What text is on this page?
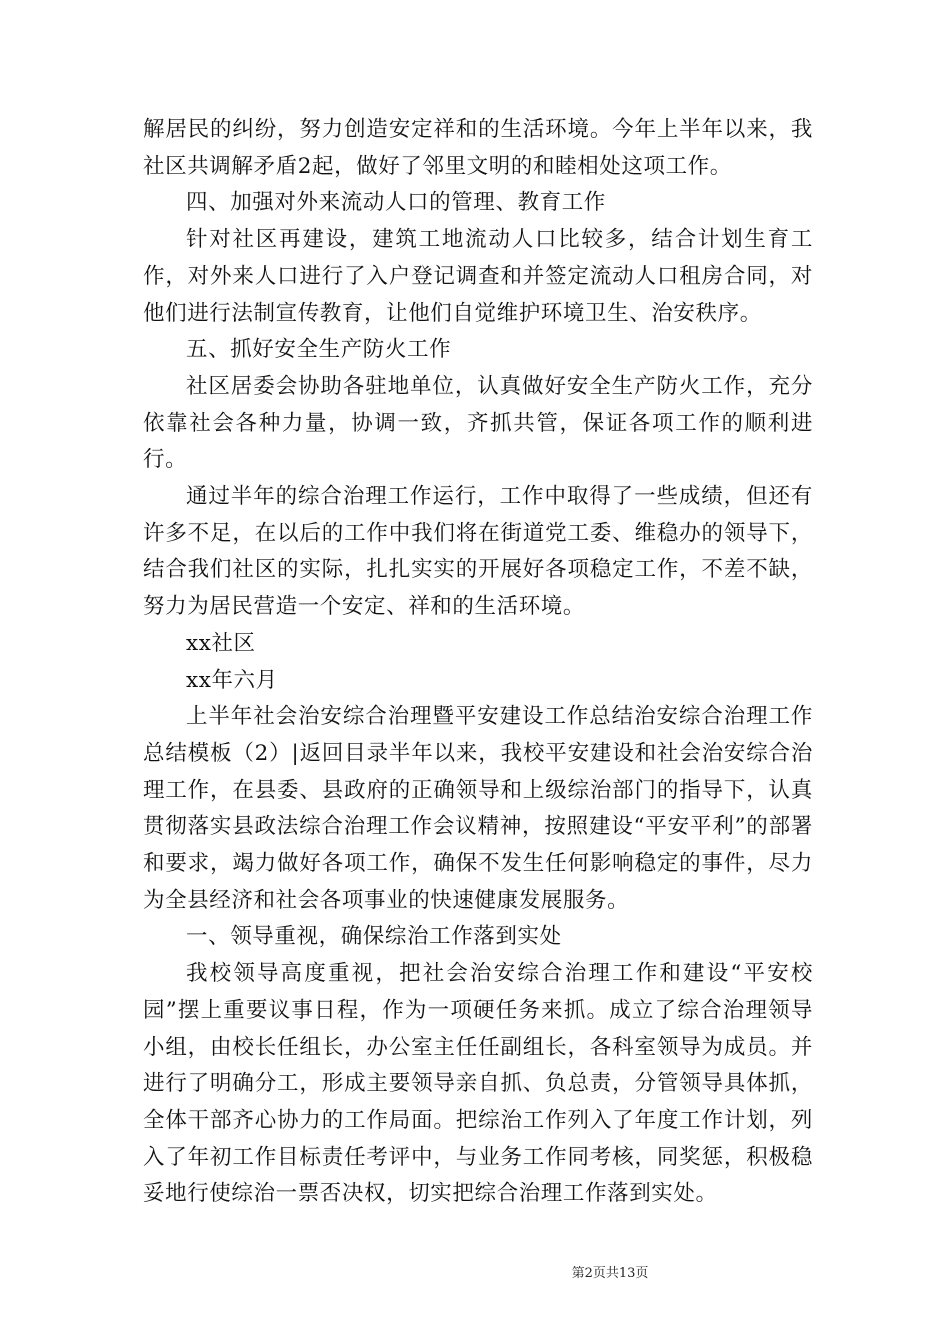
解居民的纠纷，努力创造安定祥和的生活环境。今年上半年以来，我社区共调解矛盾2起，做好了邻里文明的和睦相处这项工作。

四、加强对外来流动人口的管理、教育工作

针对社区再建设，建筑工地流动人口比较多，结合计划生育工作，对外来人口进行了入户登记调查和并签定流动人口租房合同，对他们进行法制宣传教育，让他们自觉维护环境卫生、治安秩序。

五、抓好安全生产防火工作

社区居委会协助各驻地单位，认真做好安全生产防火工作，充分依靠社会各种力量，协调一致，齐抓共管，保证各项工作的顺利进行。

通过半年的综合治理工作运行，工作中取得了一些成绩，但还有许多不足，在以后的工作中我们将在街道党工委、维稳办的领导下，结合我们社区的实际，扎扎实实的开展好各项稳定工作，不差不缺，努力为居民营造一个安定、祥和的生活环境。

xx社区

xx年六月

上半年社会治安综合治理暨平安建设工作总结治安综合治理工作总结模板（2）|返回目录半年以来，我校平安建设和社会治安综合治理工作，在县委、县政府的正确领导和上级综治部门的指导下，认真贯彻落实县政法综合治理工作会议精神，按照建设“平安平利”的部署和要求，竭力做好各项工作，确保不发生任何影响稳定的事件，尽力为全县经济和社会各项事业的快速健康发展服务。

一、领导重视，确保综治工作落到实处

我校领导高度重视，把社会治安综合治理工作和建设“平安校园”摆上重要议事日程，作为一项硬任务来抓。成立了综合治理领导小组，由校长任组长，办公室主任任副组长，各科室领导为成员。并进行了明确分工，形成主要领导亲自抓、负总责，分管领导具体抓，全体干部齐心协力的工作局面。把综治工作列入了年度工作计划，列入了年初工作目标责任考评中，与业务工作同考核，同奖惩，积极稳妥地行使综治一票否决权，切实把综合治理工作落到实处。

第2页共13页
